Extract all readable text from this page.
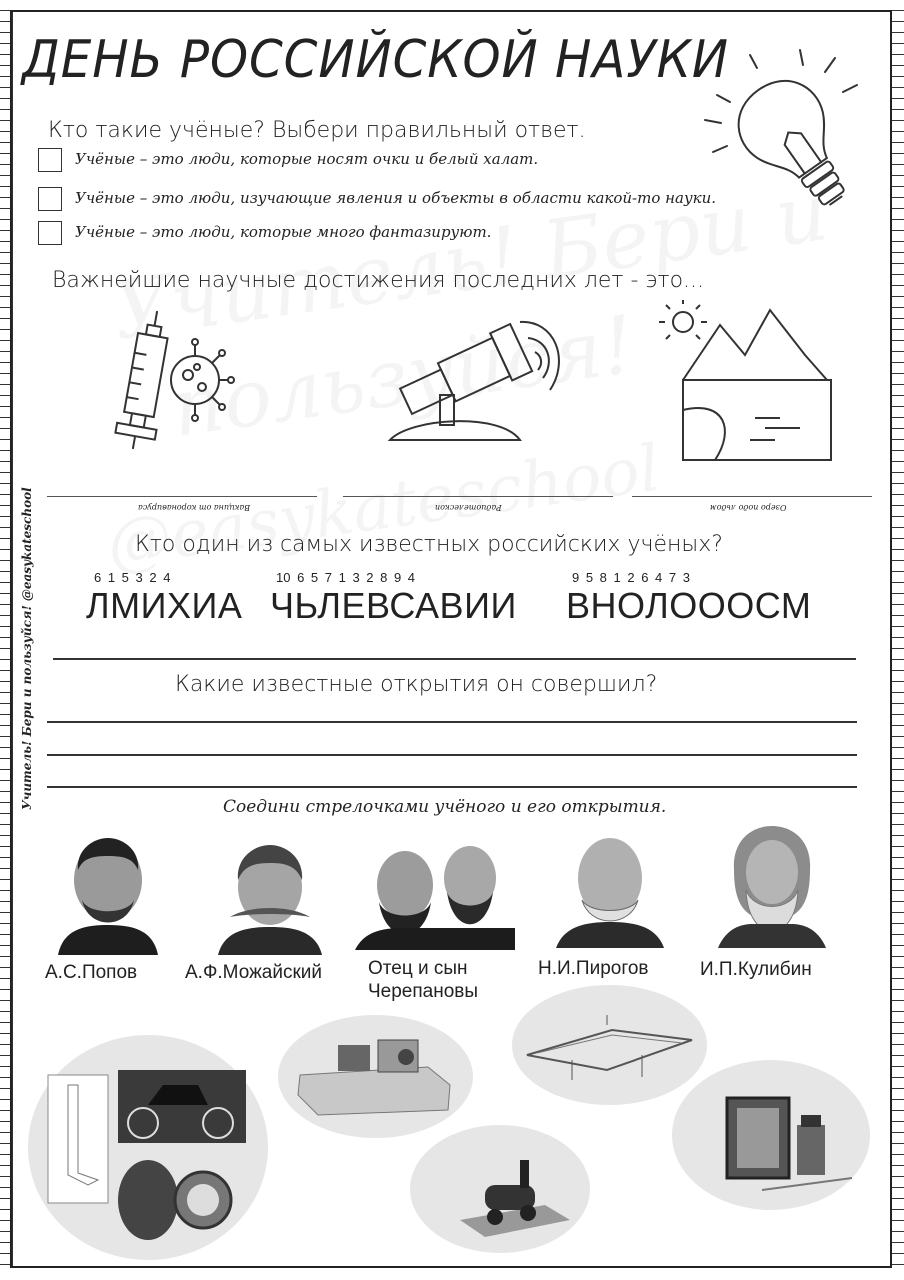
ДЕНЬ РОССИЙСКОЙ НАУКИ
Кто такие учёные? Выбери правильный ответ.
Учёные – это люди, которые носят очки и белый халат.
Учёные – это люди, изучающие явления и объекты в области какой-то науки.
Учёные – это люди, которые много фантазируют.
Важнейшие научные достижения последних лет - это...
Вакцина от коронавируса	Радиотелескоп	Озеро подо льдом
Кто один из самых известных российских учёных?
6 1 5 3 2 4	10 6 5 7 1 3 2 8 9 4	9 5 8 1 2 6 4 7 3
ЛМИХИА ЧЬЛЕВСАВИИ ВНОЛОООСМ
Какие известные открытия он совершил?
Учитель! Бери и пользуйся! @easykateschool	Соедини стрелочками учёного и его открытия.
А.С.Попов	А.Ф.Можайский Отец и сын Черепановы
Н.И.Пирогов	И.П.Кулибин
